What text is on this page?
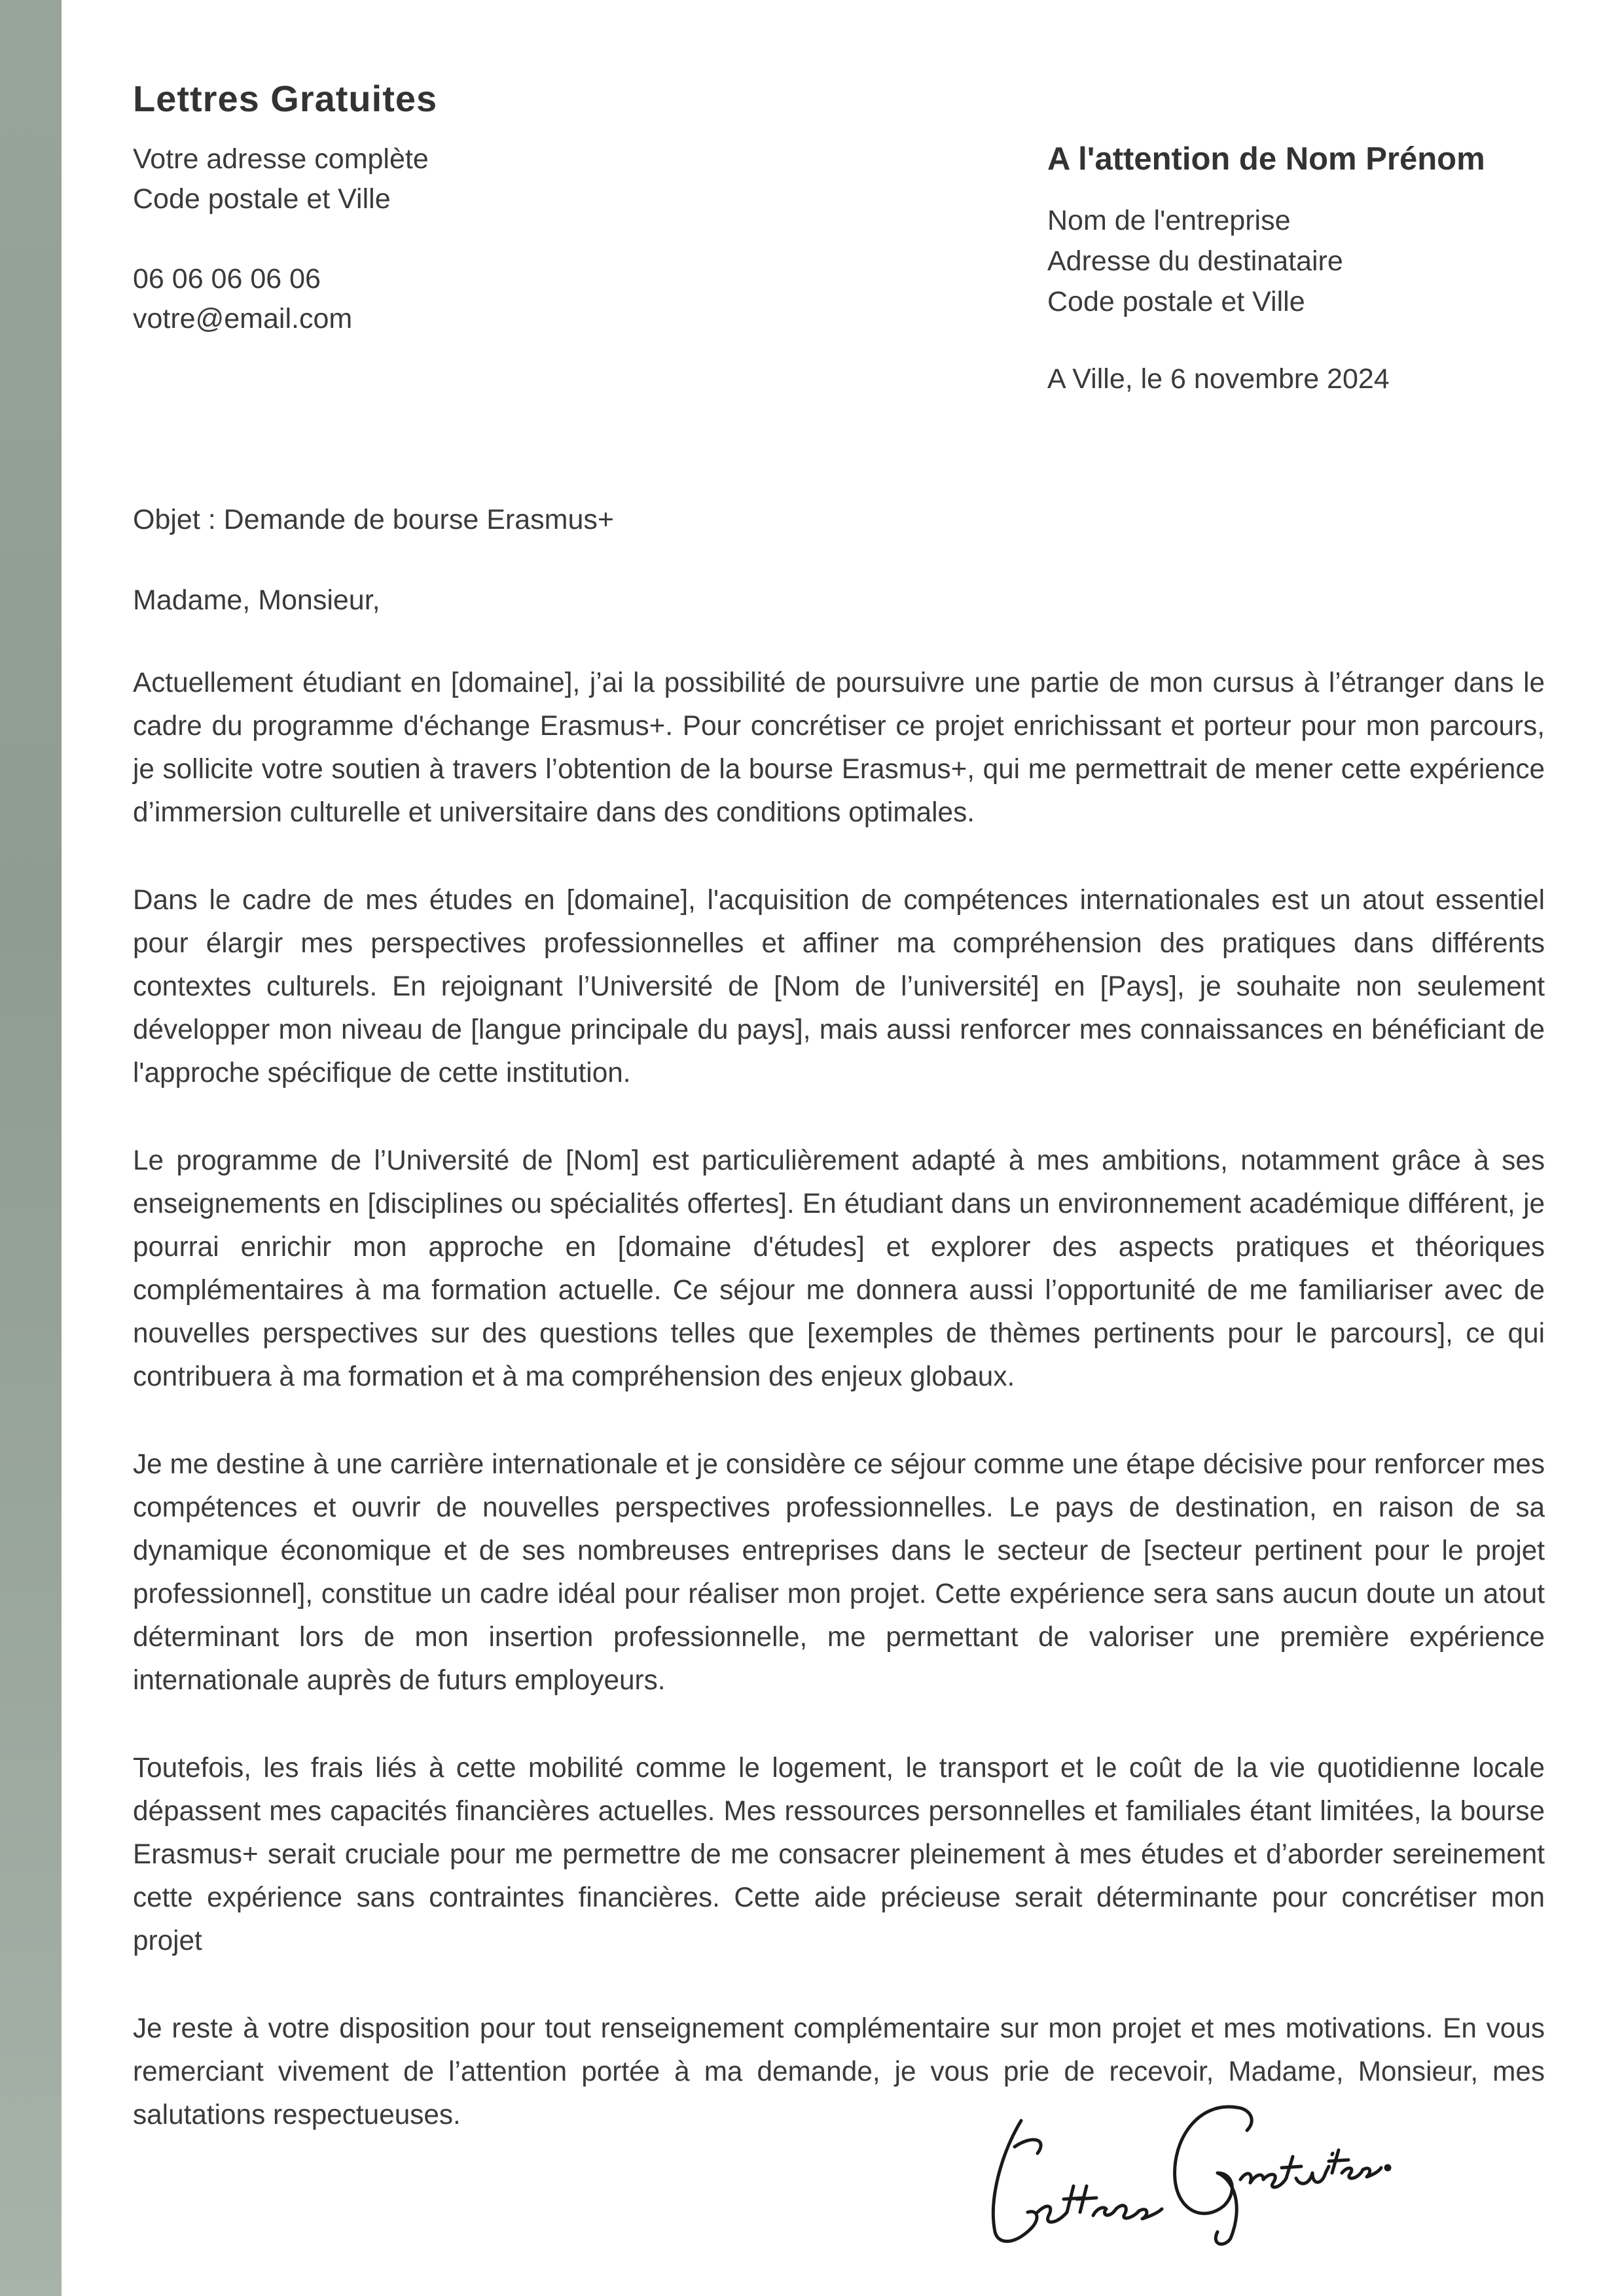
Lettres Gratuites
Votre adresse complète
Code postale et Ville
06 06 06 06 06
votre@email.com
A l'attention de Nom Prénom
Nom de l'entreprise
Adresse du destinataire
Code postale et Ville
A Ville, le 6 novembre 2024
Objet : Demande de bourse Erasmus+
Madame, Monsieur,

Actuellement étudiant en [domaine], j’ai la possibilité de poursuivre une partie de mon cursus à l’étranger dans le cadre du programme d'échange Erasmus+. Pour concrétiser ce projet enrichissant et porteur pour mon parcours, je sollicite votre soutien à travers l’obtention de la bourse Erasmus+, qui me permettrait de mener cette expérience d’immersion culturelle et universitaire dans des conditions optimales.

Dans le cadre de mes études en [domaine], l'acquisition de compétences internationales est un atout essentiel pour élargir mes perspectives professionnelles et affiner ma compréhension des pratiques dans différents contextes culturels. En rejoignant l’Université de [Nom de l’université] en [Pays], je souhaite non seulement développer mon niveau de [langue principale du pays], mais aussi renforcer mes connaissances en bénéficiant de l'approche spécifique de cette institution.

Le programme de l’Université de [Nom] est particulièrement adapté à mes ambitions, notamment grâce à ses enseignements en [disciplines ou spécialités offertes]. En étudiant dans un environnement académique différent, je pourrai enrichir mon approche en [domaine d'études] et explorer des aspects pratiques et théoriques complémentaires à ma formation actuelle. Ce séjour me donnera aussi l’opportunité de me familiariser avec de nouvelles perspectives sur des questions telles que [exemples de thèmes pertinents pour le parcours], ce qui contribuera à ma formation et à ma compréhension des enjeux globaux.

Je me destine à une carrière internationale et je considère ce séjour comme une étape décisive pour renforcer mes compétences et ouvrir de nouvelles perspectives professionnelles. Le pays de destination, en raison de sa dynamique économique et de ses nombreuses entreprises dans le secteur de [secteur pertinent pour le projet professionnel], constitue un cadre idéal pour réaliser mon projet. Cette expérience sera sans aucun doute un atout déterminant lors de mon insertion professionnelle, me permettant de valoriser une première expérience internationale auprès de futurs employeurs.

Toutefois, les frais liés à cette mobilité comme le logement, le transport et le coût de la vie quotidienne locale dépassent mes capacités financières actuelles. Mes ressources personnelles et familiales étant limitées, la bourse Erasmus+ serait cruciale pour me permettre de me consacrer pleinement à mes études et d’aborder sereinement cette expérience sans contraintes financières. Cette aide précieuse serait déterminante pour concrétiser mon projet

Je reste à votre disposition pour tout renseignement complémentaire sur mon projet et mes motivations. En vous remerciant vivement de l’attention portée à ma demande, je vous prie de recevoir, Madame, Monsieur, mes salutations respectueuses.
